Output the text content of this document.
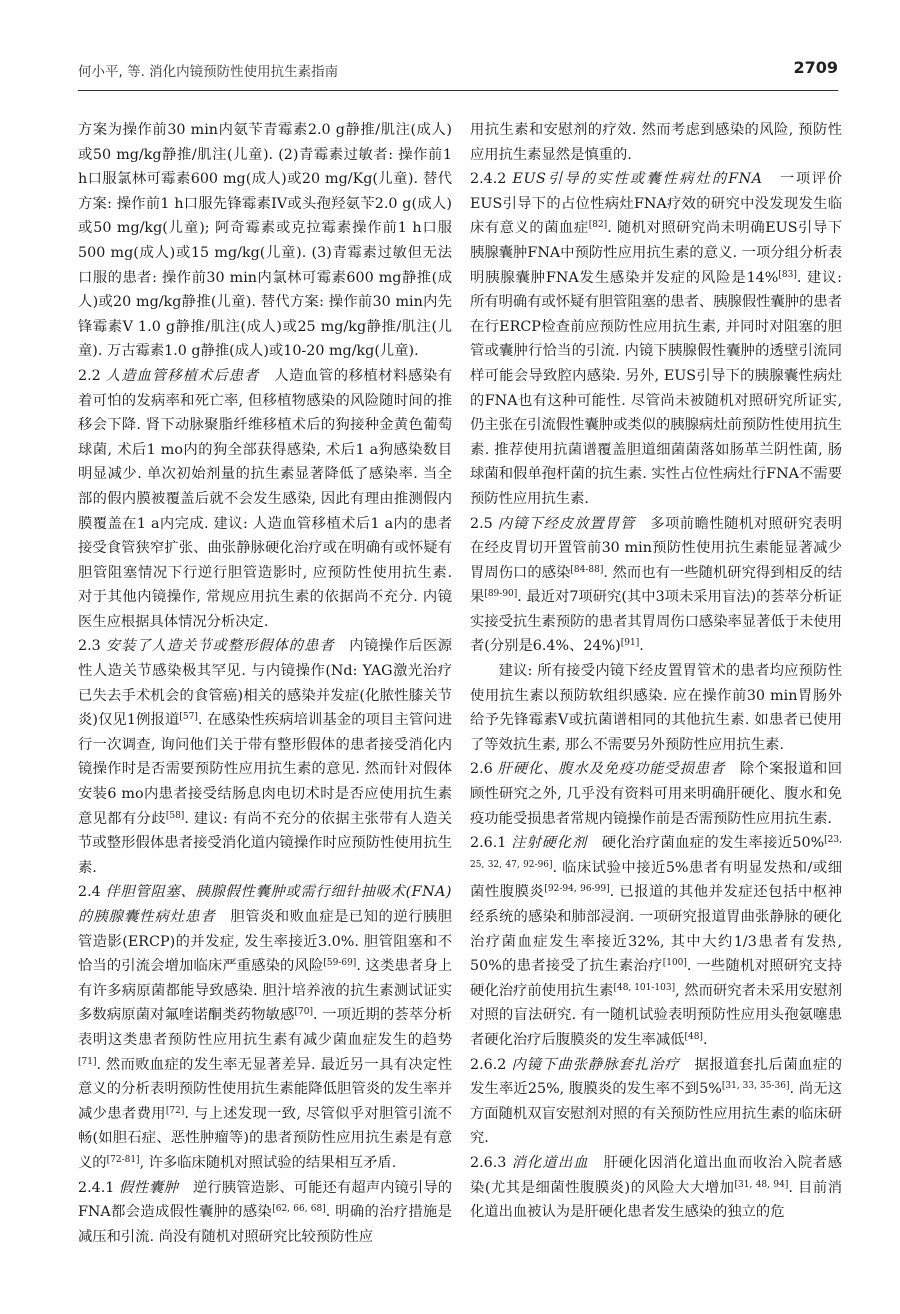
何小平, 等. 消化内镜预防性使用抗生素指南	2709

方案为操作前30 min内氨苄青霉素2.0 g静推/肌注(成人)或50 mg/kg静推/肌注(儿童). (2)青霉素过敏者: 操作前1 h口服氯林可霉素600 mg(成人)或20 mg/Kg(儿童). 替代方案: 操作前1 h口服先锋霉素IV或头孢羟氨苄2.0 g(成人)或50 mg/kg(儿童); 阿奇霉素或克拉霉素操作前1 h口服500 mg(成人)或15 mg/kg(儿童). (3)青霉素过敏但无法口服的患者: 操作前30 min内氯林可霉素600 mg静推(成人)或20 mg/kg静推(儿童). 替代方案: 操作前30 min内先锋霉素V 1.0 g静推/肌注(成人)或25 mg/kg静推/肌注(儿童). 万古霉素1.0 g静推(成人)或10-20 mg/kg(儿童).

2.2 人造血管移植术后患者　 人造血管的移植材料感染有着可怕的发病率和死亡率, 但移植物感染的风险随时间的推移会下降. 肾下动脉聚脂纤维移植术后的狗接种金黄色葡萄球菌, 术后1 mo内的狗全部获得感染, 术后1 a狗感染数目明显减少. 单次初始剂量的抗生素显著降低了感染率. 当全部的假内膜被覆盖后就不会发生感染, 因此有理由推测假内膜覆盖在1 a内完成. 建议: 人造血管移植术后1 a内的患者接受食管狭窄扩张、曲张静脉硬化治疗或在明确有或怀疑有胆管阻塞情况下行逆行胆管造影时, 应预防性使用抗生素. 对于其他内镜操作, 常规应用抗生素的依据尚不充分. 内镜医生应根据具体情况分析决定.

2.3 安装了人造关节或整形假体的患者　 内镜操作后医源性人造关节感染极其罕见. 与内镜操作(Nd: YAG激光治疗已失去手术机会的食管癌)相关的感染并发症(化脓性膝关节炎)仅见1例报道[57]. 在感染性疾病培训基金的项目主管问进行一次调查, 询问他们关于带有整形假体的患者接受消化内镜操作时是否需要预防性应用抗生素的意见. 然而针对假体安装6 mo内患者接受结肠息肉电切术时是否应使用抗生素意见都有分歧[58]. 建议: 有尚不充分的依据主张带有人造关节或整形假体患者接受消化道内镜操作时应预防性使用抗生素.

2.4 伴胆管阻塞、胰腺假性囊肿或需行细针抽吸术(FNA)的胰腺囊性病灶患者　 胆管炎和败血症是已知的逆行胰胆管造影(ERCP)的并发症, 发生率接近3.0%. 胆管阻塞和不恰当的引流会增加临床严重感染的风险[59-69]. 这类患者身上有许多病原菌都能导致感染. 胆汁培养液的抗生素测试证实多数病原菌对氟喹诺酮类药物敏感[70]. 一项近期的荟萃分析表明这类患者预防性应用抗生素有减少菌血症发生的趋势[71]. 然而败血症的发生率无显著差异. 最近另一具有决定性意义的分析表明预防性使用抗生素能降低胆管炎的发生率并减少患者费用[72]. 与上述发现一致, 尽管似乎对胆管引流不畅(如胆石症、恶性肿瘤等)的患者预防性应用抗生素是有意义的[72-81], 许多临床随机对照试验的结果相互矛盾.

2.4.1 假性囊肿　 逆行胰管造影、可能还有超声内镜引导的FNA都会造成假性囊肿的感染[62, 66, 68]. 明确的治疗措施是减压和引流. 尚没有随机对照研究比较预防性应

用抗生素和安慰剂的疗效. 然而考虑到感染的风险, 预防性应用抗生素显然是慎重的.

2.4.2 EUS引导的实性或囊性病灶的FNA　 一项评价EUS引导下的占位性病灶FNA疗效的研究中没发现发生临床有意义的菌血症[82]. 随机对照研究尚未明确EUS引导下胰腺囊肿FNA中预防性应用抗生素的意义. 一项分组分析表明胰腺囊肿FNA发生感染并发症的风险是14%[83]. 建议: 所有明确有或怀疑有胆管阻塞的患者、胰腺假性囊肿的患者在行ERCP检查前应预防性应用抗生素, 并同时对阻塞的胆管或囊肿行恰当的引流. 内镜下胰腺假性囊肿的透壁引流同样可能会导致腔内感染. 另外, EUS引导下的胰腺囊性病灶的FNA也有这种可能性. 尽管尚未被随机对照研究所证实, 仍主张在引流假性囊肿或类似的胰腺病灶前预防性使用抗生素. 推荐使用抗菌谱覆盖胆道细菌菌落如肠革兰阴性菌, 肠球菌和假单孢杆菌的抗生素. 实性占位性病灶行FNA不需要预防性应用抗生素.

2.5 内镜下经皮放置胃管　 多项前瞻性随机对照研究表明在经皮胃切开置管前30 min预防性使用抗生素能显著减少胃周伤口的感染[84-88]. 然而也有一些随机研究得到相反的结果[89-90]. 最近对7项研究(其中3项未采用盲法)的荟萃分析证实接受抗生素预防的患者其胃周伤口感染率显著低于未使用者(分别是6.4%、24%)[91].

建议: 所有接受内镜下经皮置胃管术的患者均应预防性使用抗生素以预防软组织感染. 应在操作前30 min胃肠外给予先锋霉素V或抗菌谱相同的其他抗生素. 如患者已使用了等效抗生素, 那么不需要另外预防性应用抗生素.

2.6 肝硬化、腹水及免疫功能受损患者　 除个案报道和回顾性研究之外, 几乎没有资料可用来明确肝硬化、腹水和免疫功能受损患者常规内镜操作前是否需预防性应用抗生素.

2.6.1 注射硬化剂　 硬化治疗菌血症的发生率接近50%[23, 25, 32, 47, 92-96]. 临床试验中接近5%患者有明显发热和/或细菌性腹膜炎[92-94, 96-99]. 已报道的其他并发症还包括中枢神经系统的感染和肺部浸润. 一项研究报道胃曲张静脉的硬化治疗菌血症发生率接近32%, 其中大约1/3患者有发热, 50%的患者接受了抗生素治疗[100]. 一些随机对照研究支持硬化治疗前使用抗生素[48, 101-103], 然而研究者未采用安慰剂对照的盲法研究. 有一随机试验表明预防性应用头孢氨噻患者硬化治疗后腹膜炎的发生率减低[48].

2.6.2 内镜下曲张静脉套扎治疗　 据报道套扎后菌血症的发生率近25%, 腹膜炎的发生率不到5%[31, 33, 35-36]. 尚无这方面随机双盲安慰剂对照的有关预防性应用抗生素的临床研究.

2.6.3 消化道出血　 肝硬化因消化道出血而收治入院者感染(尤其是细菌性腹膜炎)的风险大大增加[31, 48, 94]. 目前消化道出血被认为是肝硬化患者发生感染的独立的危
